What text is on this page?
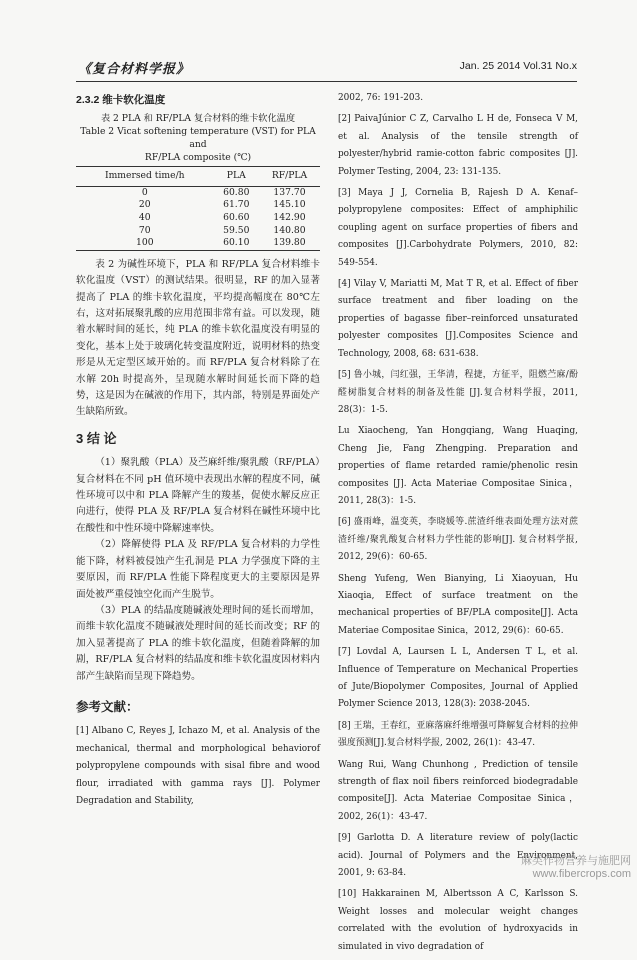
《复合材料学报》	Jan. 25 2014 Vol.31 No.x
2.3.2 维卡软化温度
表 2 PLA 和 RF/PLA 复合材料的维卡软化温度
Table 2 Vicat softening temperature (VST) for PLA and
RF/PLA composite (℃)
Immersed time/h	PLA	RF/PLA
0	60.80	137.70
20	61.70	145.10
40	60.60	142.90
70	59.50	140.80
100	60.10	139.80

表 2 为碱性环境下，PLA 和 RF/PLA 复合材料维卡软化温度（VST）的测试结果。很明显，RF 的加入显著提高了 PLA 的维卡软化温度，平均提高幅度在 80℃左右，这对拓展聚乳酸的应用范围非常有益。可以发现，随着水解时间的延长，纯 PLA 的维卡软化温度没有明显的变化，基本上处于玻璃化转变温度附近，说明材料的热变形是从无定型区域开始的。而 RF/PLA 复合材料除了在水解 20h 时提高外，呈现随水解时间延长而下降的趋势，这是因为在碱液的作用下，其内部，特别是界面处产生缺陷所致。

3 结 论

（1）聚乳酸（PLA）及苎麻纤维/聚乳酸（RF/PLA）复合材料在不同 pH 值环境中表现出水解的程度不同，碱性环境可以中和 PLA 降解产生的羧基，促使水解反应正向进行，使得 PLA 及 RF/PLA 复合材料在碱性环境中比在酸性和中性环境中降解速率快。

（2）降解使得 PLA 及 RF/PLA 复合材料的力学性能下降，材料被侵蚀产生孔洞是 PLA 力学强度下降的主要原因，而 RF/PLA 性能下降程度更大的主要原因是界面处被严重侵蚀空化而产生脱节。

（3）PLA 的结晶度随碱液处理时间的延长而增加，而维卡软化温度不随碱液处理时间的延长而改变；RF 的加入显著提高了 PLA 的维卡软化温度，但随着降解的加剧，RF/PLA 复合材料的结晶度和维卡软化温度因材料内部产生缺陷而呈现下降趋势。

参考文献：

[1] Albano C, Reyes J, Ichazo M, et al. Analysis of the mechanical, thermal and morphological behaviorof polypropylene compounds with sisal fibre and wood flour, irradiated with gamma rays [J]. Polymer Degradation and Stability,

2002, 76: 191-203.

[2] PaivaJúnior C Z, Carvalho L H de, Fonseca V M, et al. Analysis of the tensile strength of polyester/hybrid ramie-cotton fabric composites [J]. Polymer Testing, 2004, 23: 131-135.

[3] Maya J J, Cornelia B, Rajesh D A. Kenaf–polypropylene composites: Effect of amphiphilic coupling agent on surface properties of fibers and composites [J].Carbohydrate Polymers, 2010, 82: 549-554.

[4] Vilay V, Mariatti M, Mat T R, et al. Effect of fiber surface treatment and fiber loading on the properties of bagasse fiber–reinforced unsaturated polyester composites [J].Composites Science and Technology, 2008, 68: 631-638.

[5] 鲁小城，闫红强，王华清，程捷，方征平，阻燃苎麻/酚醛树脂复合材料的制备及性能 [J].复合材料学报，2011, 28(3)：1-5.

Lu Xiaocheng, Yan Hongqiang, Wang Huaqing, Cheng Jie, Fang Zhengping. Preparation and properties of flame retarded ramie/phenolic resin composites [J]. Acta Materiae Compositae Sinica，2011, 28(3)：1-5.

[6] 盛雨峰，温变英，李晓媛等.蔗渣纤维表面处理方法对蔗渣纤维/聚乳酸复合材料力学性能的影响[J]. 复合材料学报, 2012, 29(6)：60-65.

Sheng Yufeng, Wen Bianying, Li Xiaoyuan, Hu Xiaoqia, Effect of surface treatment on the mechanical properties of BF/PLA composite[J]. Acta Materiae Compositae Sinica，2012, 29(6)：60-65.

[7] Lovdal A, Laursen L L, Andersen T L, et al. Influence of Temperature on Mechanical Properties of Jute/Biopolymer Composites, Journal of Applied Polymer Science 2013, 128(3): 2038-2045.

[8] 王瑞，王春红，亚麻落麻纤维增强可降解复合材料的拉伸强度预测[J].复合材料学报, 2002, 26(1)：43-47.

Wang Rui, Wang Chunhong , Prediction of tensile strength of flax noil fibers reinforced biodegradable composite[J]. Acta Materiae Compositae Sinica，2002, 26(1)：43-47.

[9] Garlotta D. A literature review of poly(lactic acid). Journal of Polymers and the Environment, 2001, 9: 63-84.

[10] Hakkarainen M, Albertsson A C, Karlsson S. Weight losses and molecular weight changes correlated with the evolution of hydroxyacids in simulated in vivo degradation of

麻类作物营养与施肥网
www.fibercrops.com
